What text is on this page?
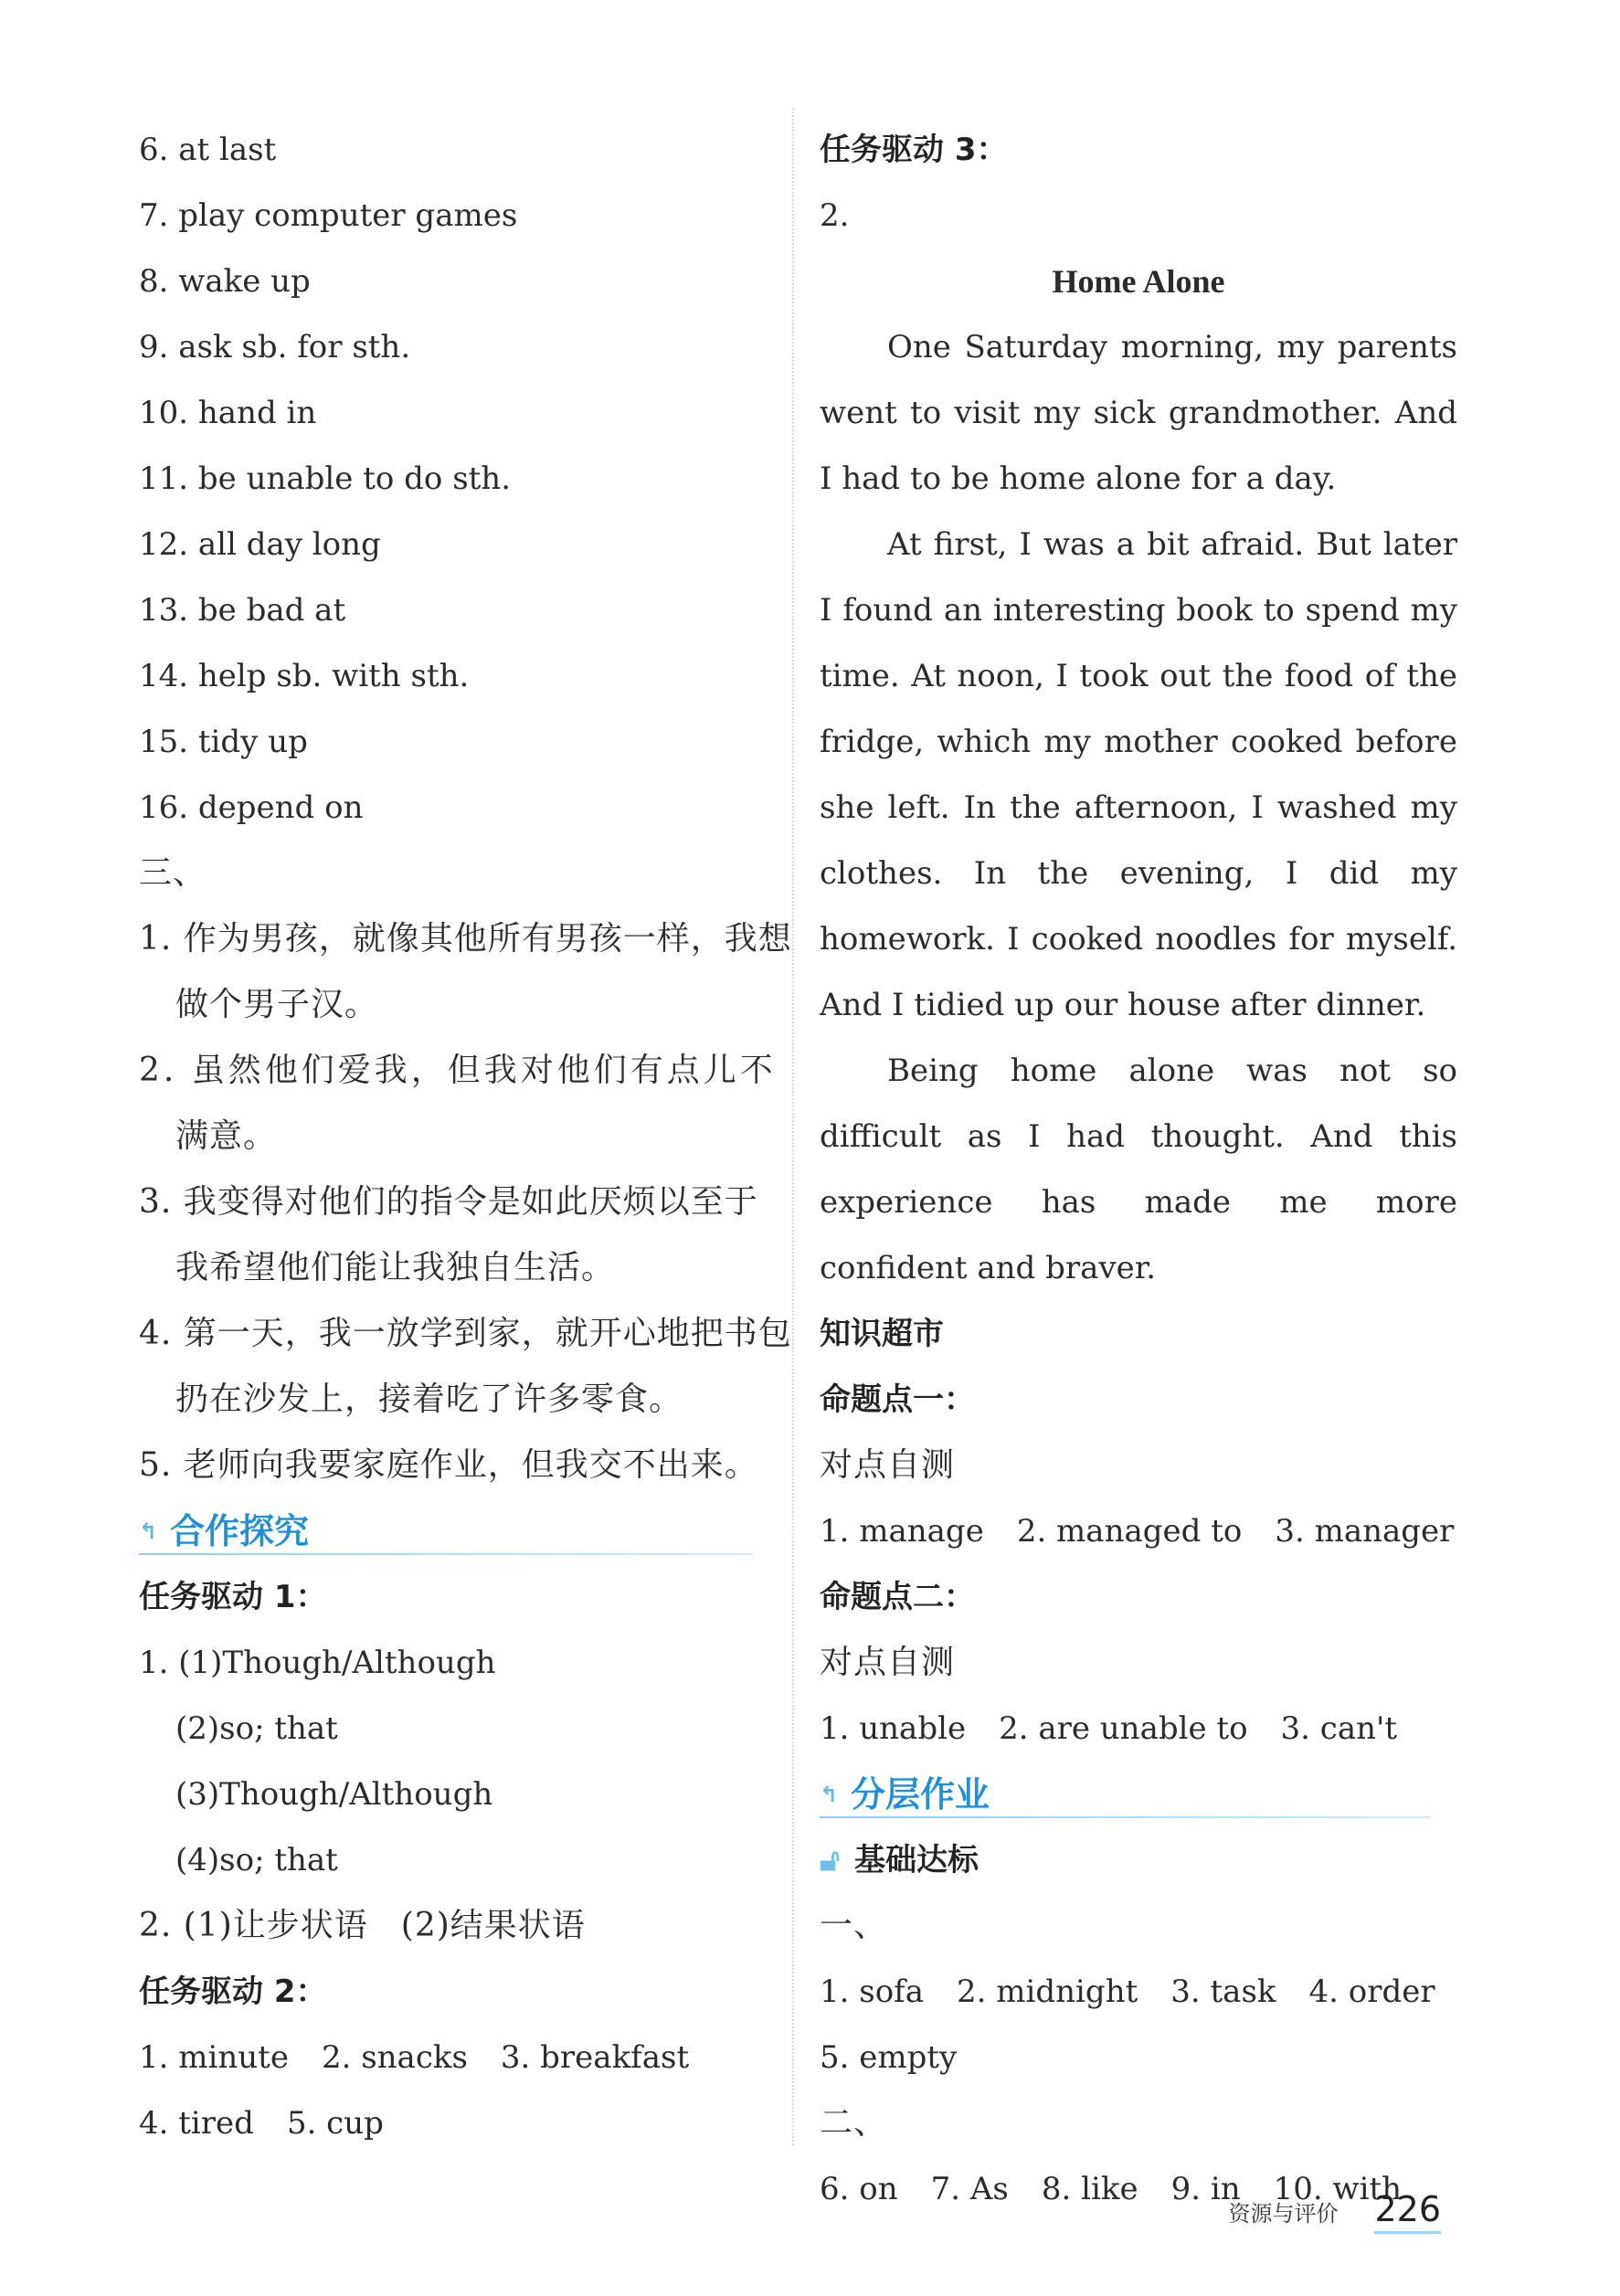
6. at last
7. play computer games
8. wake up
9. ask sb. for sth.
10. hand in
11. be unable to do sth.
12. all day long
13. be bad at
14. help sb. with sth.
15. tidy up
16. depend on
三、
1. 作为男孩，就像其他所有男孩一样，我想
做个男子汉。
2. 虽然他们爱我，但我对他们有点儿不
满意。
3. 我变得对他们的指令是如此厌烦以至于
我希望他们能让我独自生活。
4. 第一天，我一放学到家，就开心地把书包
扔在沙发上，接着吃了许多零食。
5. 老师向我要家庭作业，但我交不出来。
↰ 合作探究
任务驱动 1：
1. (1)Though/Although
(2)so; that
(3)Though/Although
(4)so; that
2. (1)让步状语 (2)结果状语
任务驱动 2：
1. minute 2. snacks 3. breakfast
4. tired 5. cup
任务驱动 3：
2.
Home Alone

One Saturday morning, my parents went to visit my sick grandmother. And I had to be home alone for a day.

At first, I was a bit afraid. But later I found an interesting book to spend my time. At noon, I took out the food of the fridge, which my mother cooked before she left. In the afternoon, I washed my clothes. In the evening, I did my homework. I cooked noodles for myself. And I tidied up our house after dinner.

Being home alone was not so difficult as I had thought. And this experience has made me more confident and braver.

知识超市
命题点一：
对点自测
1. manage 2. managed to 3. manager
命题点二：
对点自测
1. unable 2. are unable to 3. can't
↰ 分层作业
🔓︎ 基础达标
一、
1. sofa 2. midnight 3. task 4. order
5. empty
二、
6. on 7. As 8. like 9. in 10. with
资源与评价 226
